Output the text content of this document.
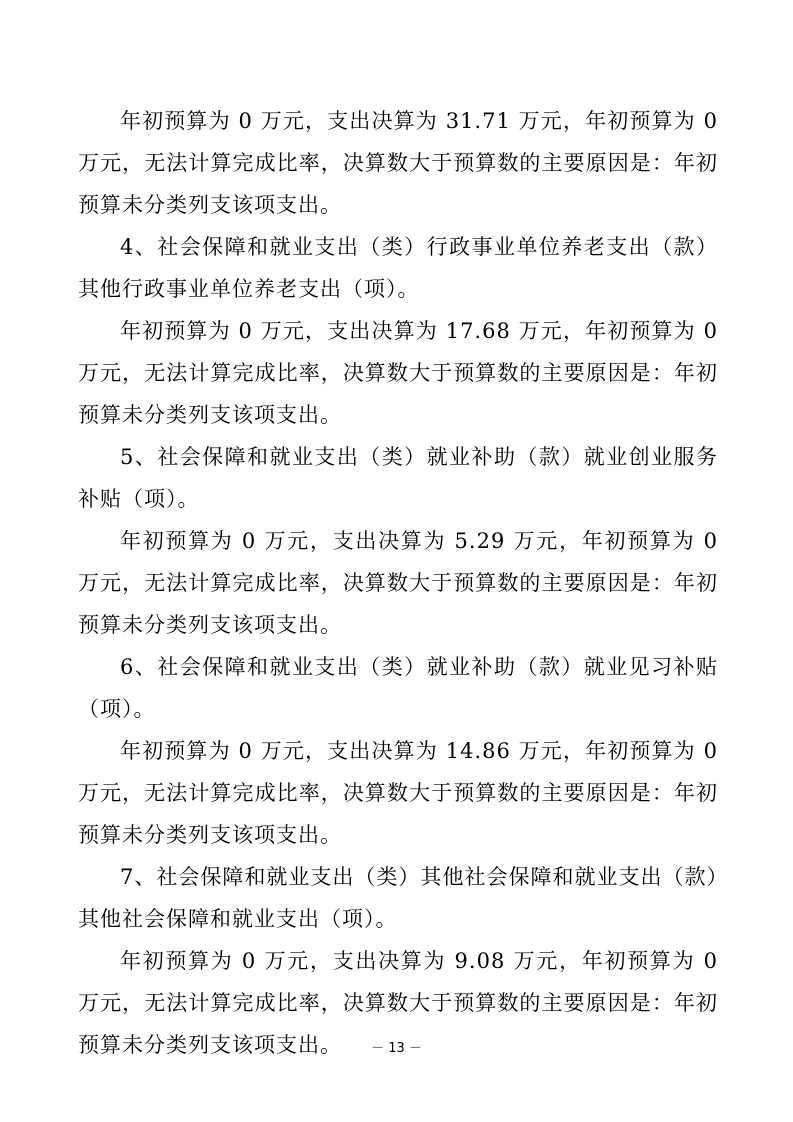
年初预算为 0 万元，支出决算为 31.71 万元，年初预算为 0 万元，无法计算完成比率，决算数大于预算数的主要原因是：年初预算未分类列支该项支出。

4、社会保障和就业支出（类）行政事业单位养老支出（款）其他行政事业单位养老支出（项）。

年初预算为 0 万元，支出决算为 17.68 万元，年初预算为 0 万元，无法计算完成比率，决算数大于预算数的主要原因是：年初预算未分类列支该项支出。

5、社会保障和就业支出（类）就业补助（款）就业创业服务补贴（项）。

年初预算为 0 万元，支出决算为 5.29 万元，年初预算为 0 万元，无法计算完成比率，决算数大于预算数的主要原因是：年初预算未分类列支该项支出。

6、社会保障和就业支出（类）就业补助（款）就业见习补贴（项）。

年初预算为 0 万元，支出决算为 14.86 万元，年初预算为 0 万元，无法计算完成比率，决算数大于预算数的主要原因是：年初预算未分类列支该项支出。

7、社会保障和就业支出（类）其他社会保障和就业支出（款）其他社会保障和就业支出（项）。

年初预算为 0 万元，支出决算为 9.08 万元，年初预算为 0 万元，无法计算完成比率，决算数大于预算数的主要原因是：年初预算未分类列支该项支出。	－ 13 －
